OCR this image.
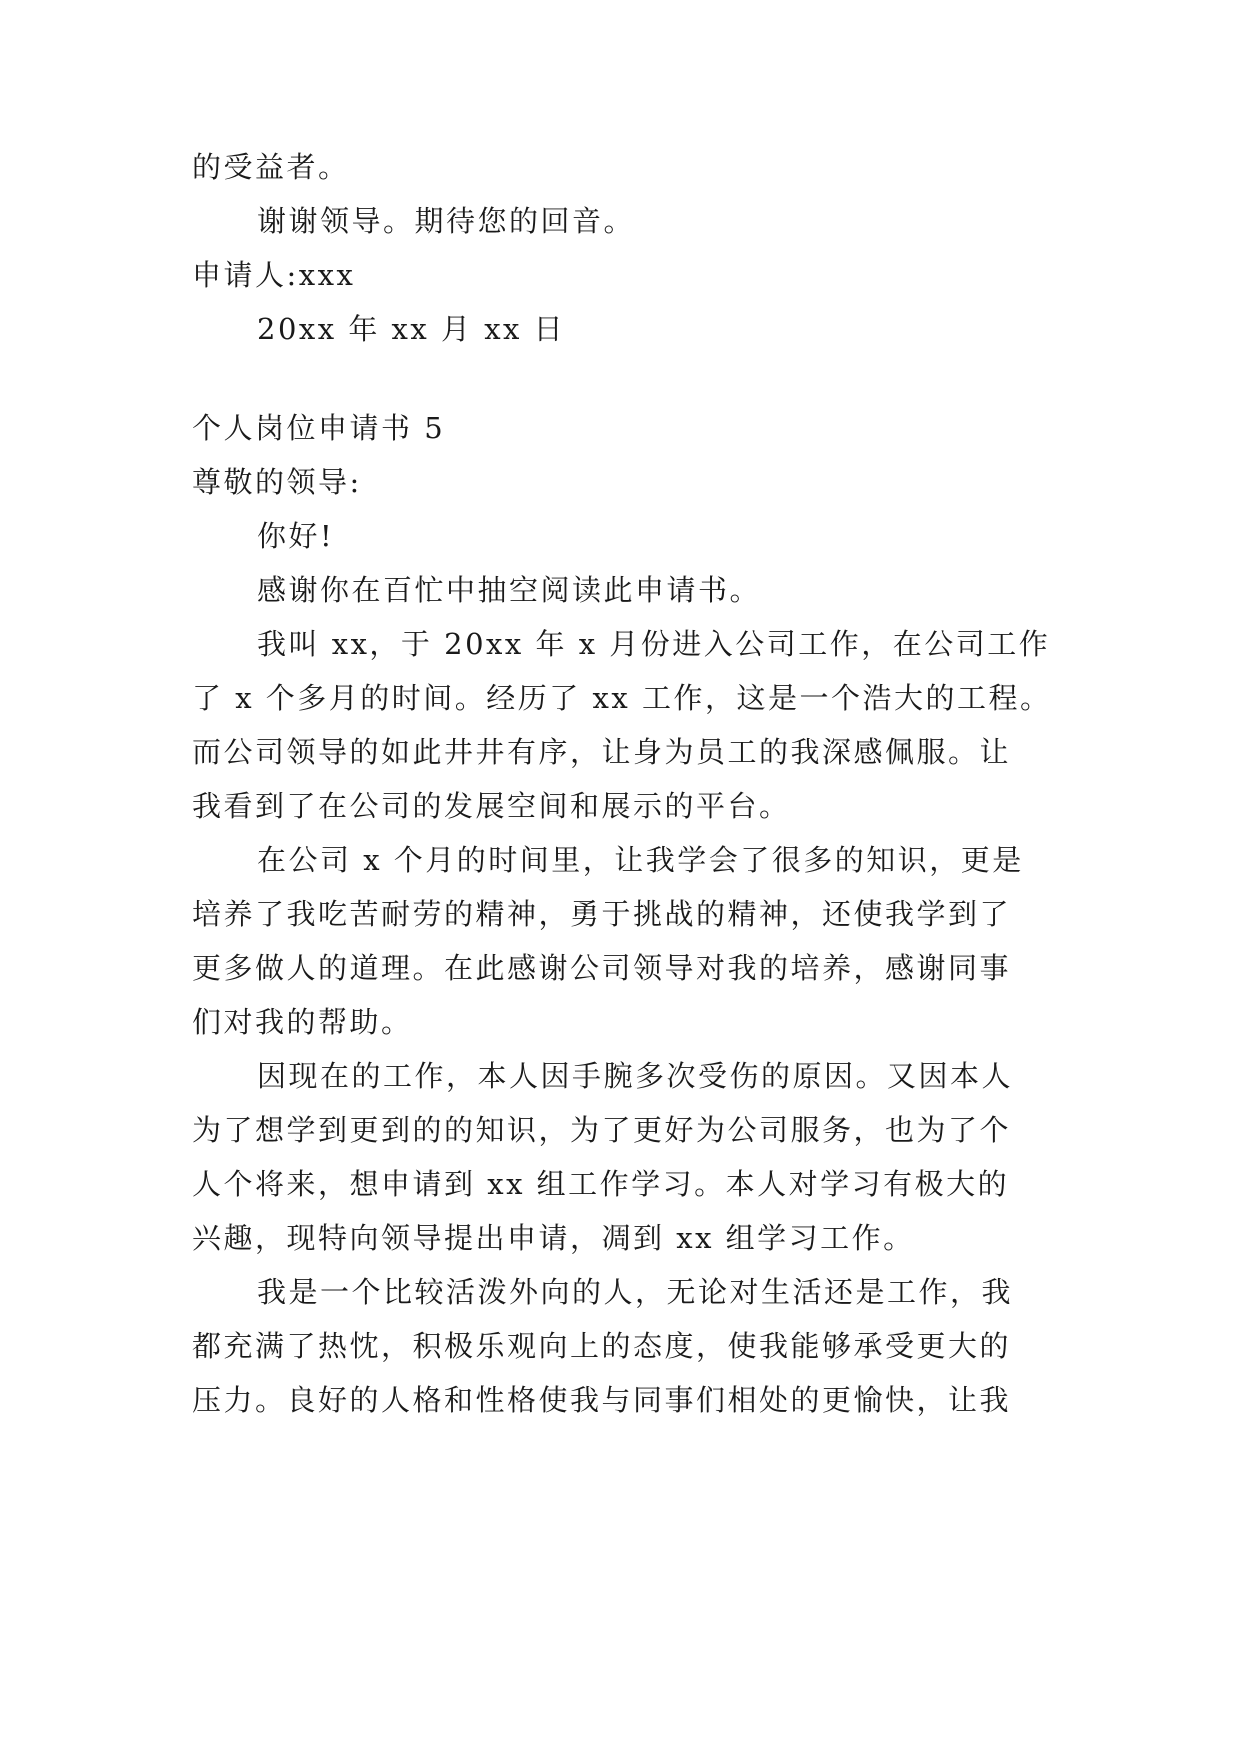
的受益者。
谢谢领导。期待您的回音。
申请人:xxx
20xx 年 xx 月 xx 日
个人岗位申请书 5
尊敬的领导:
你好!
感谢你在百忙中抽空阅读此申请书。
我叫 xx，于 20xx 年 x 月份进入公司工作，在公司工作
了 x 个多月的时间。经历了 xx 工作，这是一个浩大的工程。
而公司领导的如此井井有序，让身为员工的我深感佩服。让
我看到了在公司的发展空间和展示的平台。
在公司 x 个月的时间里，让我学会了很多的知识，更是
培养了我吃苦耐劳的精神，勇于挑战的精神，还使我学到了
更多做人的道理。在此感谢公司领导对我的培养，感谢同事
们对我的帮助。
因现在的工作，本人因手腕多次受伤的原因。又因本人
为了想学到更到的的知识，为了更好为公司服务，也为了个
人个将来，想申请到 xx 组工作学习。本人对学习有极大的
兴趣，现特向领导提出申请，凋到 xx 组学习工作。
我是一个比较活泼外向的人，无论对生活还是工作，我
都充满了热忱，积极乐观向上的态度，使我能够承受更大的
压力。良好的人格和性格使我与同事们相处的更愉快，让我
